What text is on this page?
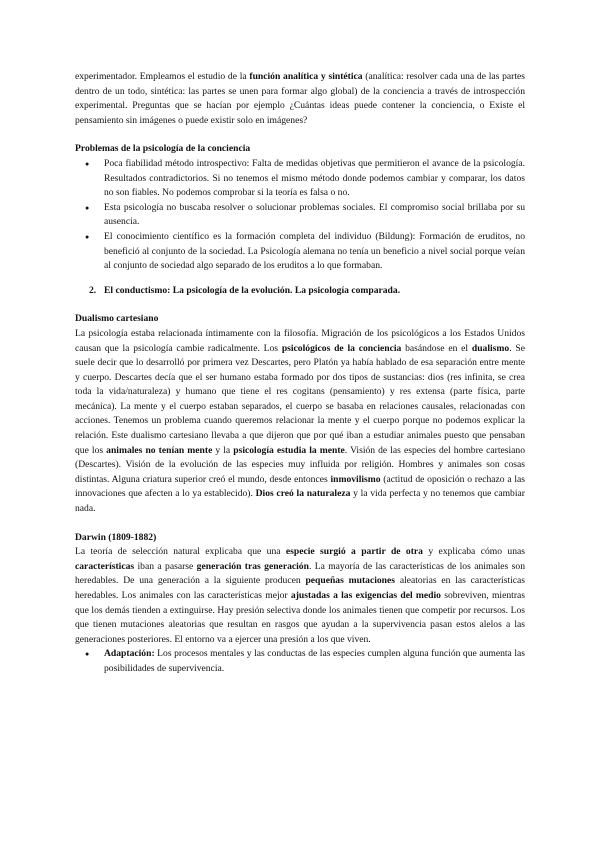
experimentador. Empleamos el estudio de la función analítica y sintética (analítica: resolver cada una de las partes dentro de un todo, sintética: las partes se unen para formar algo global) de la conciencia a través de introspección experimental. Preguntas que se hacían por ejemplo ¿Cuántas ideas puede contener la conciencia, o Existe el pensamiento sin imágenes o puede existir solo en imágenes?

Problemas de la psicología de la conciencia
● Poca fiabilidad método introspectivo: Falta de medidas objetivas que permitieron el avance de la psicología. Resultados contradictorios. Si no tenemos el mismo método donde podemos cambiar y comparar, los datos no son fiables. No podemos comprobar si la teoría es falsa o no.
● Esta psicología no buscaba resolver o solucionar problemas sociales. El compromiso social brillaba por su ausencia.
● El conocimiento científico es la formación completa del individuo (Bildung): Formación de eruditos, no benefició al conjunto de la sociedad. La Psicología alemana no tenía un beneficio a nivel social porque veían al conjunto de sociedad algo separado de los eruditos a lo que formaban.
2. El conductismo: La psicología de la evolución. La psicología comparada.
Dualismo cartesiano

La psicología estaba relacionada íntimamente con la filosofía. Migración de los psicológicos a los Estados Unidos causan que la psicología cambie radicalmente. Los psicológicos de la conciencia basándose en el dualismo. Se suele decir que lo desarrolló por primera vez Descartes, pero Platón ya había hablado de esa separación entre mente y cuerpo. Descartes decía que el ser humano estaba formado por dos tipos de sustancias: dios (res infinita, se crea toda la vida/naturaleza) y humano que tiene el res cogitans (pensamiento) y res extensa (parte física, parte mecánica). La mente y el cuerpo estaban separados, el cuerpo se basaba en relaciones causales, relacionadas con acciones. Tenemos un problema cuando queremos relacionar la mente y el cuerpo porque no podemos explicar la relación. Este dualismo cartesiano llevaba a que dijeron que por qué iban a estudiar animales puesto que pensaban que los animales no tenían mente y la psicología estudia la mente. Visión de las especies del hombre cartesiano (Descartes). Visión de la evolución de las especies muy influida por religión. Hombres y animales son cosas distintas. Alguna criatura superior creó el mundo, desde entonces inmovilismo (actitud de oposición o rechazo a las innovaciones que afecten a lo ya establecido). Dios creó la naturaleza y la vida perfecta y no tenemos que cambiar nada.

Darwin (1809-1882)

La teoría de selección natural explicaba que una especie surgió a partir de otra y explicaba cómo unas características iban a pasarse generación tras generación. La mayoría de las características de los animales son heredables. De una generación a la siguiente producen pequeñas mutaciones aleatorias en las características heredables. Los animales con las características mejor ajustadas a las exigencias del medio sobreviven, mientras que los demás tienden a extinguirse. Hay presión selectiva donde los animales tienen que competir por recursos. Los que tienen mutaciones aleatorias que resultan en rasgos que ayudan a la supervivencia pasan estos alelos a las generaciones posteriores. El entorno va a ejercer una presión a los que viven.

● Adaptación: Los procesos mentales y las conductas de las especies cumplen alguna función que aumenta las posibilidades de supervivencia.
